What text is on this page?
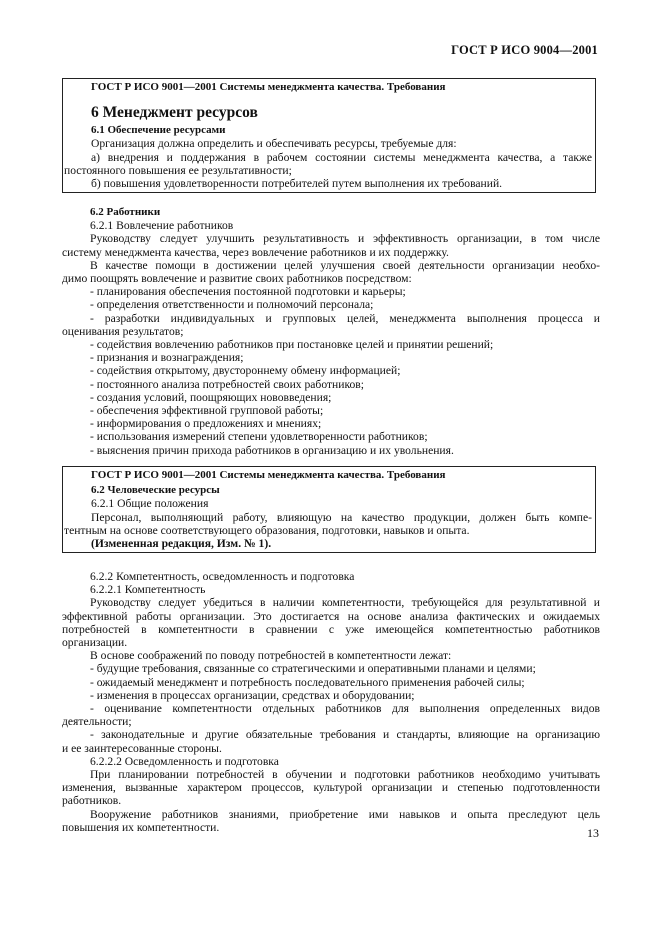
ГОСТ Р ИСО 9004—2001
ГОСТ Р ИСО 9001—2001 Системы менеджмента качества. Требования
6 Менеджмент ресурсов
6.1 Обеспечение ресурсами
Организация должна определить и обеспечивать ресурсы, требуемые для:
а) внедрения и поддержания в рабочем состоянии системы менеджмента качества, а также
постоянного повышения ее результативности;
б) повышения удовлетворенности потребителей путем выполнения их требований.
6.2 Работники
6.2.1 Вовлечение работников
Руководству следует улучшить результативность и эффективность организации, в том числе
систему менеджмента качества, через вовлечение работников и их поддержку.
В качестве помощи в достижении целей улучшения своей деятельности организации необхо-
димо поощрять вовлечение и развитие своих работников посредством:
- планирования обеспечения постоянной подготовки и карьеры;
- определения ответственности и полномочий персонала;
- разработки индивидуальных и групповых целей, менеджмента выполнения процесса и
оценивания результатов;
- содействия вовлечению работников при постановке целей и принятии решений;
- признания и вознаграждения;
- содействия открытому, двустороннему обмену информацией;
- постоянного анализа потребностей своих работников;
- создания условий, поощряющих нововведения;
- обеспечения эффективной групповой работы;
- информирования о предложениях и мнениях;
- использования измерений степени удовлетворенности работников;
- выяснения причин прихода работников в организацию и их увольнения.
ГОСТ Р ИСО 9001—2001 Системы менеджмента качества. Требования
6.2 Человеческие ресурсы
6.2.1 Общие положения
Персонал, выполняющий работу, влияющую на качество продукции, должен быть компе-
тентным на основе соответствующего образования, подготовки, навыков и опыта.
(Измененная редакция, Изм. № 1).
6.2.2 Компетентность, осведомленность и подготовка
6.2.2.1 Компетентность
Руководству следует убедиться в наличии компетентности, требующейся для результативной и
эффективной работы организации. Это достигается на основе анализа фактических и ожидаемых
потребностей в компетентности в сравнении с уже имеющейся компетентностью работников
организации.
В основе соображений по поводу потребностей в компетентности лежат:
- будущие требования, связанные со стратегическими и оперативными планами и целями;
- ожидаемый менеджмент и потребность последовательного применения рабочей силы;
- изменения в процессах организации, средствах и оборудовании;
- оценивание компетентности отдельных работников для выполнения определенных видов
деятельности;
- законодательные и другие обязательные требования и стандарты, влияющие на организацию
и ее заинтересованные стороны.
6.2.2.2 Осведомленность и подготовка
При планировании потребностей в обучении и подготовки работников необходимо учитывать
изменения, вызванные характером процессов, культурой организации и степенью подготовленности
работников.
Вооружение работников знаниями, приобретение ими навыков и опыта преследуют цель
повышения их компетентности.	13
